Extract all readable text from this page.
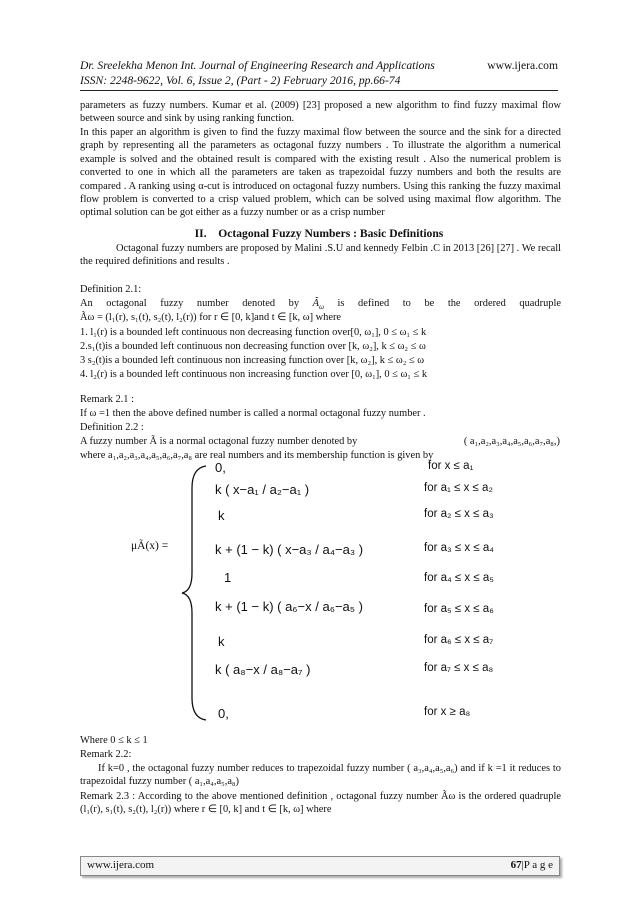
Dr. Sreelekha Menon Int. Journal of Engineering Research and Applications
ISSN: 2248-9622, Vol. 6, Issue 2, (Part - 2) February 2016, pp.66-74
www.ijera.com
parameters as fuzzy numbers. Kumar et al. (2009) [23] proposed a new algorithm to find fuzzy maximal flow between source and sink by using ranking function.
In this paper an algorithm is given to find the fuzzy maximal flow between the source and the sink for a directed graph by representing all the parameters as octagonal fuzzy numbers . To illustrate the algorithm a numerical example is solved and the obtained result is compared with the existing result . Also the numerical problem is converted to one in which all the parameters are taken as trapezoidal fuzzy numbers and both the results are compared . A ranking using α-cut is introduced on octagonal fuzzy numbers. Using this ranking the fuzzy maximal flow problem is converted to a crisp valued problem, which can be solved using maximal flow algorithm. The optimal solution can be got either as a fuzzy number or as a crisp number
II. Octagonal Fuzzy Numbers : Basic Definitions
Octagonal fuzzy numbers are proposed by Malini .S.U and kennedy Felbin .C in 2013 [26] [27] . We recall the required definitions and results .
Definition 2.1:
An octagonal fuzzy number denoted by $Ã_\omega$ is defined to be the ordered quadruple
Ãω = (l₁(r), s₁(t), s₂(t), l₂(r)) for r ∈ [0, k]and t ∈ [k, ω] where
1. l₁(r) is a bounded left continuous non decreasing function over[0, ω₁], 0 ≤ ω₁ ≤ k
2.s₁(t)is a bounded left continuous non decreasing function over [k, ω₂], k ≤ ω₂ ≤ ω
3 s₂(t)is a bounded left continuous non increasing function over [k, ω₂], k ≤ ω₂ ≤ ω
4. l₂(r) is a bounded left continuous non increasing function over [0, ω₁], 0 ≤ ω₁ ≤ k
Remark 2.1 :
If ω =1 then the above defined number is called a normal octagonal fuzzy number .
Definition 2.2 :
A fuzzy number Ã is a normal octagonal fuzzy number denoted by	( a₁,a₂,a₃,a₄,a₅,a₆,a₇,a₈,)
where a₁,a₂,a₃,a₄,a₅,a₆,a₇,a₈ are real numbers and its membership function is given by
μÃ(x) =
0,
k ( x−a₁ / a₂−a₁ )
k
k + (1 − k) ( x−a₃ / a₄−a₃ )
1
k + (1 − k) ( a₆−x / a₆−a₅ )
k
k ( a₈−x / a₈−a₇ )
0,
for x ≤ a₁
for a₁ ≤ x ≤ a₂
for a₂ ≤ x ≤ a₃
for a₃ ≤ x ≤ a₄
for a₄ ≤ x ≤ a₅
for a₅ ≤ x ≤ a₆
for a₆ ≤ x ≤ a₇
for a₇ ≤ x ≤ a₈
for x ≥ a₈
Where 0 ≤ k ≤ 1
Remark 2.2:
If k=0 , the octagonal fuzzy number reduces to trapezoidal fuzzy number ( a₃,a₄,a₅,a₆) and if k =1 it reduces to trapezoidal fuzzy number ( a₁,a₄,a₅,a₈)
Remark 2.3 : According to the above mentioned definition , octagonal fuzzy number Ãω is the ordered quadruple (l₁(r), s₁(t), s₂(t), l₂(r)) where r ∈ [0, k] and t ∈ [k, ω] where
www.ijera.com	67|P a g e
